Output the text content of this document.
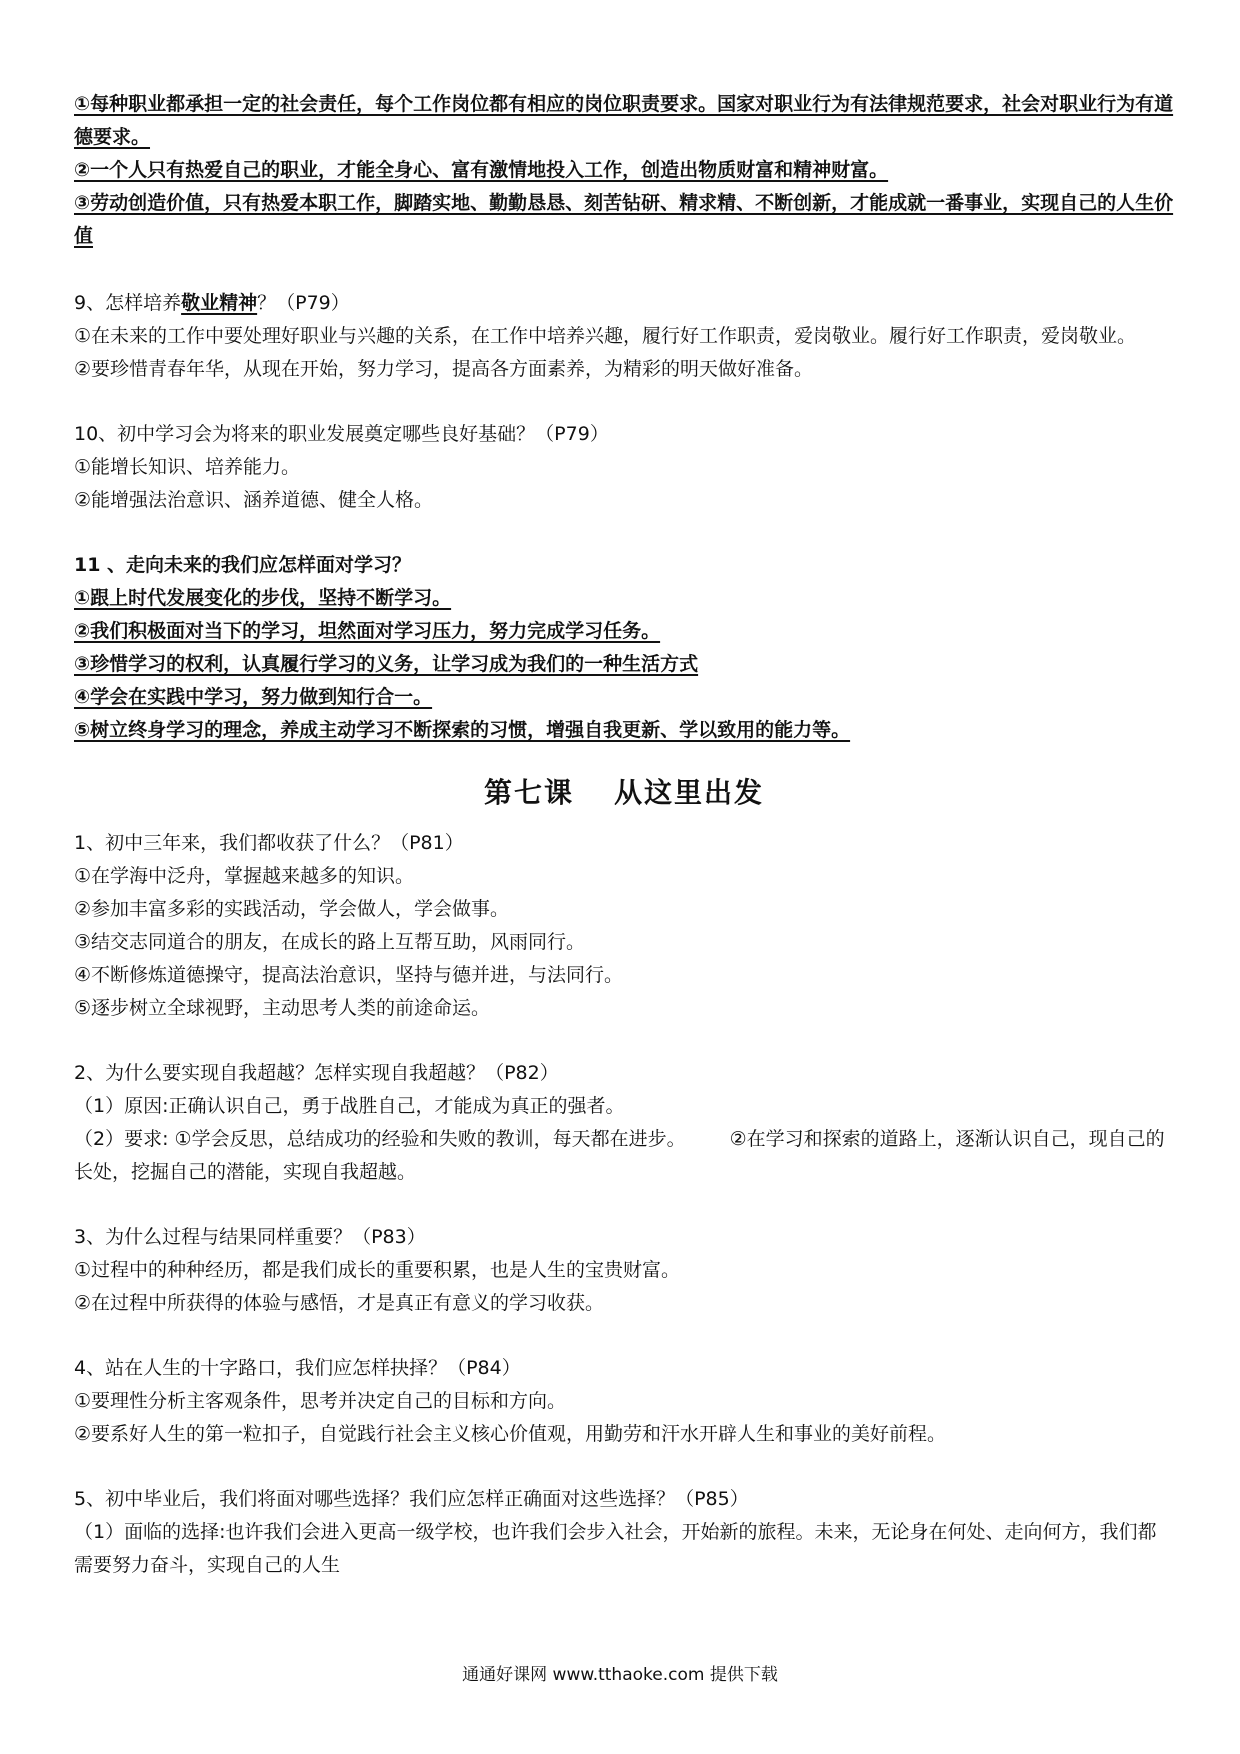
①每种职业都承担一定的社会责任，每个工作岗位都有相应的岗位职责要求。国家对职业行为有法律规范要求，社会对职业行为有道德要求。
②一个人只有热爱自己的职业，才能全身心、富有激情地投入工作，创造出物质财富和精神财富。
③劳动创造价值，只有热爱本职工作，脚踏实地、勤勤恳恳、刻苦钻研、精求精、不断创新，才能成就一番事业，实现自己的人生价值
9、怎样培养敬业精神？（P79）
①在未来的工作中要处理好职业与兴趣的关系，在工作中培养兴趣，履行好工作职责，爱岗敬业。履行好工作职责，爱岗敬业。
②要珍惜青春年华，从现在开始，努力学习，提高各方面素养，为精彩的明天做好准备。
10、初中学习会为将来的职业发展奠定哪些良好基础？（P79）
①能增长知识、培养能力。
②能增强法治意识、涵养道德、健全人格。
11 、走向未来的我们应怎样面对学习？
①跟上时代发展变化的步伐，坚持不断学习。
②我们积极面对当下的学习，坦然面对学习压力，努力完成学习任务。
③珍惜学习的权利，认真履行学习的义务，让学习成为我们的一种生活方式
④学会在实践中学习，努力做到知行合一。
⑤树立终身学习的理念，养成主动学习不断探索的习惯，增强自我更新、学以致用的能力等。
第七课 从这里出发
1、初中三年来，我们都收获了什么？（P81）
①在学海中泛舟，掌握越来越多的知识。
②参加丰富多彩的实践活动，学会做人，学会做事。
③结交志同道合的朋友，在成长的路上互帮互助，风雨同行。
④不断修炼道德操守，提高法治意识，坚持与德并进，与法同行。
⑤逐步树立全球视野，主动思考人类的前途命运。
2、为什么要实现自我超越？怎样实现自我超越？（P82）
（1）原因:正确认识自己，勇于战胜自己，才能成为真正的强者。
（2）要求: ①学会反思，总结成功的经验和失败的教训，每天都在进步。 ②在学习和探索的道路上，逐渐认识自己，现自己的长处，挖掘自己的潜能，实现自我超越。
3、为什么过程与结果同样重要？（P83）
①过程中的种种经历，都是我们成长的重要积累，也是人生的宝贵财富。
②在过程中所获得的体验与感悟，才是真正有意义的学习收获。
4、站在人生的十字路口，我们应怎样抉择？（P84）
①要理性分析主客观条件，思考并决定自己的目标和方向。
②要系好人生的第一粒扣子，自觉践行社会主义核心价值观，用勤劳和汗水开辟人生和事业的美好前程。
5、初中毕业后，我们将面对哪些选择？我们应怎样正确面对这些选择？（P85）
（1）面临的选择:也许我们会进入更高一级学校，也许我们会步入社会，开始新的旅程。未来，无论身在何处、走向何方，我们都需要努力奋斗，实现自己的人生
通通好课网 www.tthaoke.com 提供下载
